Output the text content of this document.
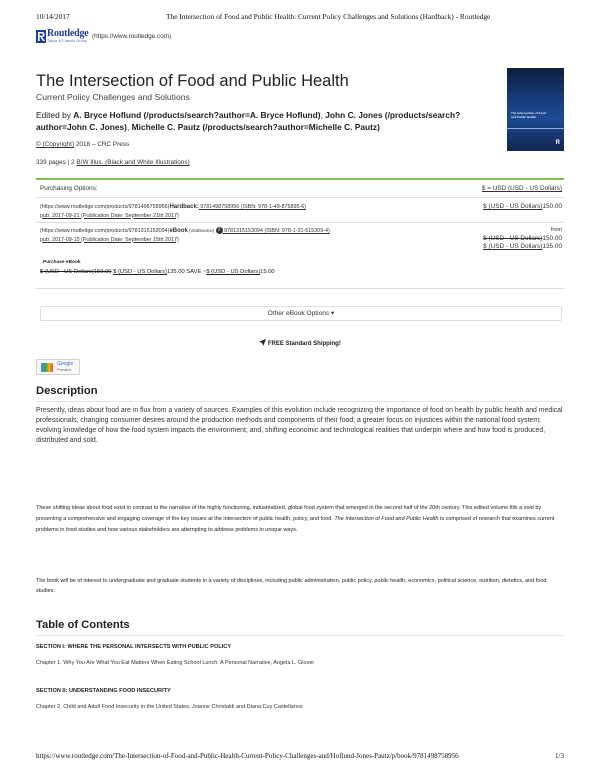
10/14/2017	The Intersection of Food and Public Health: Current Policy Challenges and Solutions (Hardback) - Routledge
Routledge
Taylor & Francis Group
(https://www.routledge.com)
The Intersection of Food and Public Health
R
The Intersection of Food and Public Health
Current Policy Challenges and Solutions
Edited by A. Bryce Hoflund (/products/search?author=A. Bryce Hoflund), John C. Jones (/products/search?author=John C. Jones), Michelle C. Pautz (/products/search?author=Michelle C. Pautz)
© (Copyright) 2018 – CRC Press
339 pages | 2 B/W Illus. (Black and White Illustrations)
Purchasing Options:	$ = USD (USD - US Dollars)
(https://www.routledge.com/products/9781498758956)Hardback: 9781498758956 (ISBN: 978-1-49-875895-6)
pub: 2017-09-21 (Publication Date: September 21th 2017)
$ (USD - US Dollars)150.00
(https://www.routledge.com/products/9781315153094)eBook (VitalSource) i 9781315153094 (ISBN: 978-1-31-515309-4)
pub: 2017-09-15 (Publication Date: September 15th 2017)
from
$ (USD - US Dollars)150.00
$ (USD - US Dollars)135.00
Purchase eBook
$ (USD - US Dollars)150.00 $ (USD - US Dollars)135.00 SAVE ~$ (USD - US Dollars)15.00
Other eBook Options ▾
FREE Standard Shipping!
Google
Preview
Description

Presently, ideas about food are in flux from a variety of sources. Examples of this evolution include recognizing the importance of food on health by public health and medical professionals; changing consumer desires around the production methods and components of their food; a greater focus on injustices within the national food system; evolving knowledge of how the food system impacts the environment; and, shifting economic and technological realities that underpin where and how food is produced, distributed and sold.

These shifting ideas about food exist in contrast to the narrative of the highly functioning, industrialized, global food system that emerged in the second half of the 20th century. This edited volume fills a void by presenting a comprehensive and engaging coverage of the key issues at the intersection of public health, policy, and food. The Intersection of Food and Public Health is comprised of research that examines current problems in food studies and how various stakeholders are attempting to address problems in unique ways.

The book will be of interest to undergraduate and graduate students in a variety of disciplines, including public administration, public policy, public health, economics, political science, nutrition, dietetics, and food studies.

Table of Contents
SECTION I: WHERE THE PERSONAL INTERSECTS WITH PUBLIC POLICY
Chapter 1. Why You Are What You Eat Matters When Eating School Lunch: A Personal Narrative, Angela L. Glover
SECTION II: UNDERSTANDING FOOD INSECURITY
Chapter 2. Child and Adult Food Insecurity in the United States, Joanne Christaldi and Diana Cuy Castellanos
https://www.routledge.com/The-Intersection-of-Food-and-Public-Health-Current-Policy-Challenges-and/Hoflund-Jones-Pautz/p/book/9781498758956	1/3
